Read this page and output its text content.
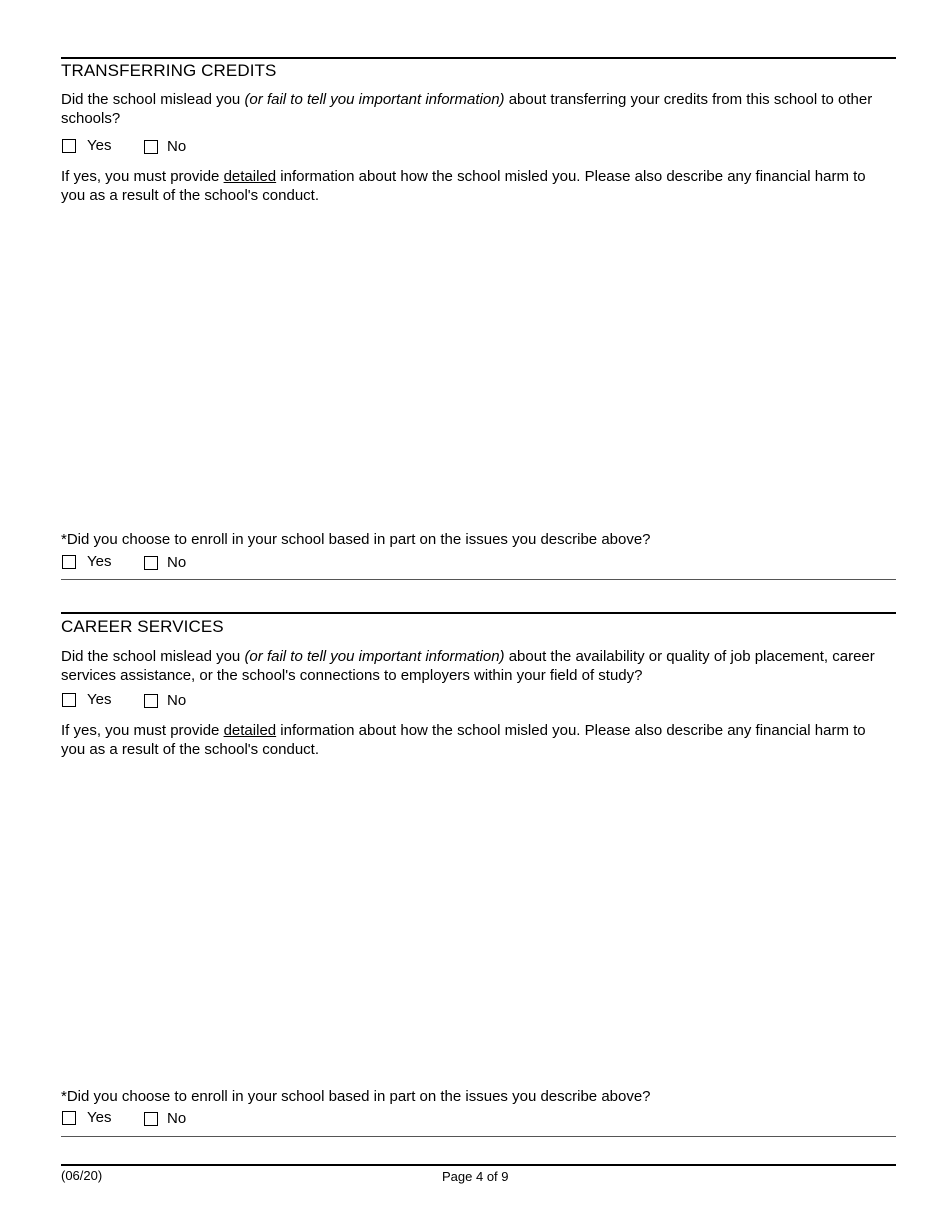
TRANSFERRING CREDITS
Did the school mislead you (or fail to tell you important information) about transferring your credits from this school to other schools?
Yes	No
If yes, you must provide detailed information about how the school misled you. Please also describe any financial harm to you as a result of the school's conduct.
*Did you choose to enroll in your school based in part on the issues you describe above?
Yes	No
CAREER SERVICES
Did the school mislead you (or fail to tell you important information) about the availability or quality of job placement, career services assistance, or the school's connections to employers within your field of study?
Yes	No
If yes, you must provide detailed information about how the school misled you. Please also describe any financial harm to you as a result of the school's conduct.
*Did you choose to enroll in your school based in part on the issues you describe above?
Yes	No
(06/20)	Page 4 of 9
